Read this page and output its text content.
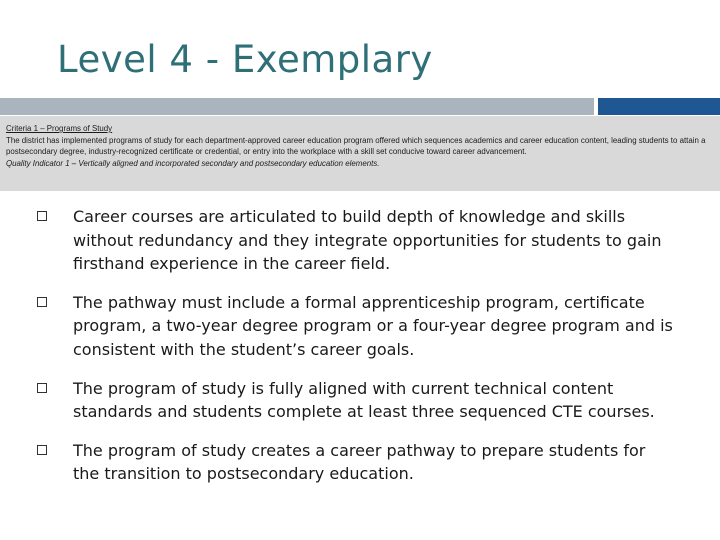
Level 4 - Exemplary
Criteria 1 – Programs of Study
The district has implemented programs of study for each department-approved career education program offered which sequences academics and career education content, leading students to attain a postsecondary degree, industry-recognized certificate or credential, or entry into the workplace with a skill set conducive toward career advancement.
Quality Indicator 1 – Vertically aligned and incorporated secondary and postsecondary education elements.
Career courses are articulated to build depth of knowledge and skills without redundancy and they integrate opportunities for students to gain firsthand experience in the career field.
The pathway must include a formal apprenticeship program, certificate program, a two-year degree program or a four-year degree program and is consistent with the student’s career goals.
The program of study is fully aligned with current technical content standards and students complete at least three sequenced CTE courses.
The program of study creates a career pathway to prepare students for the transition to postsecondary education.
